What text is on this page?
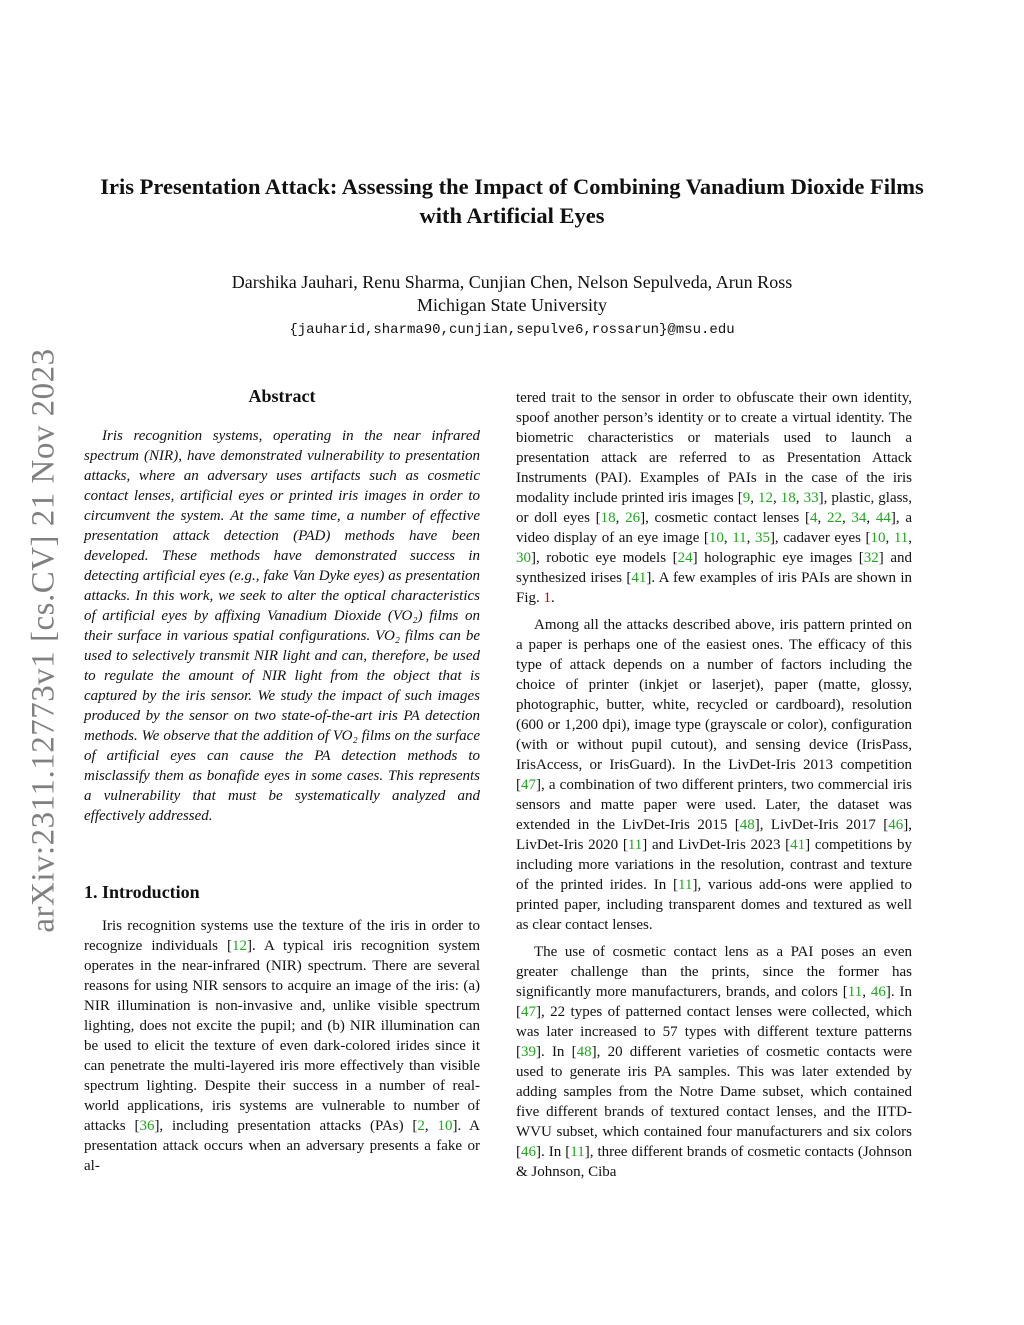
arXiv:2311.12773v1 [cs.CV] 21 Nov 2023
Iris Presentation Attack: Assessing the Impact of Combining Vanadium Dioxide Films with Artificial Eyes
Darshika Jauhari, Renu Sharma, Cunjian Chen, Nelson Sepulveda, Arun Ross
Michigan State University
{jauharid,sharma90,cunjian,sepulve6,rossarun}@msu.edu
Abstract

Iris recognition systems, operating in the near infrared spectrum (NIR), have demonstrated vulnerability to presentation attacks, where an adversary uses artifacts such as cosmetic contact lenses, artificial eyes or printed iris images in order to circumvent the system. At the same time, a number of effective presentation attack detection (PAD) methods have been developed. These methods have demonstrated success in detecting artificial eyes (e.g., fake Van Dyke eyes) as presentation attacks. In this work, we seek to alter the optical characteristics of artificial eyes by affixing Vanadium Dioxide (VO₂) films on their surface in various spatial configurations. VO₂ films can be used to selectively transmit NIR light and can, therefore, be used to regulate the amount of NIR light from the object that is captured by the iris sensor. We study the impact of such images produced by the sensor on two state-of-the-art iris PA detection methods. We observe that the addition of VO₂ films on the surface of artificial eyes can cause the PA detection methods to misclassify them as bonafide eyes in some cases. This represents a vulnerability that must be systematically analyzed and effectively addressed.

1. Introduction

Iris recognition systems use the texture of the iris in order to recognize individuals [12]. A typical iris recognition system operates in the near-infrared (NIR) spectrum. There are several reasons for using NIR sensors to acquire an image of the iris: (a) NIR illumination is non-invasive and, unlike visible spectrum lighting, does not excite the pupil; and (b) NIR illumination can be used to elicit the texture of even dark-colored irides since it can penetrate the multi-layered iris more effectively than visible spectrum lighting. Despite their success in a number of real-world applications, iris systems are vulnerable to number of attacks [36], including presentation attacks (PAs) [2, 10]. A presentation attack occurs when an adversary presents a fake or al-

tered trait to the sensor in order to obfuscate their own identity, spoof another person’s identity or to create a virtual identity. The biometric characteristics or materials used to launch a presentation attack are referred to as Presentation Attack Instruments (PAI). Examples of PAIs in the case of the iris modality include printed iris images [9, 12, 18, 33], plastic, glass, or doll eyes [18, 26], cosmetic contact lenses [4, 22, 34, 44], a video display of an eye image [10, 11, 35], cadaver eyes [10, 11, 30], robotic eye models [24] holographic eye images [32] and synthesized irises [41]. A few examples of iris PAIs are shown in Fig. 1.

Among all the attacks described above, iris pattern printed on a paper is perhaps one of the easiest ones. The efficacy of this type of attack depends on a number of factors including the choice of printer (inkjet or laserjet), paper (matte, glossy, photographic, butter, white, recycled or cardboard), resolution (600 or 1,200 dpi), image type (grayscale or color), configuration (with or without pupil cutout), and sensing device (IrisPass, IrisAccess, or IrisGuard). In the LivDet-Iris 2013 competition [47], a combination of two different printers, two commercial iris sensors and matte paper were used. Later, the dataset was extended in the LivDet-Iris 2015 [48], LivDet-Iris 2017 [46], LivDet-Iris 2020 [11] and LivDet-Iris 2023 [41] competitions by including more variations in the resolution, contrast and texture of the printed irides. In [11], various add-ons were applied to printed paper, including transparent domes and textured as well as clear contact lenses.

The use of cosmetic contact lens as a PAI poses an even greater challenge than the prints, since the former has significantly more manufacturers, brands, and colors [11, 46]. In [47], 22 types of patterned contact lenses were collected, which was later increased to 57 types with different texture patterns [39]. In [48], 20 different varieties of cosmetic contacts were used to generate iris PA samples. This was later extended by adding samples from the Notre Dame subset, which contained five different brands of textured contact lenses, and the IITD-WVU subset, which contained four manufacturers and six colors [46]. In [11], three different brands of cosmetic contacts (Johnson & Johnson, Ciba
